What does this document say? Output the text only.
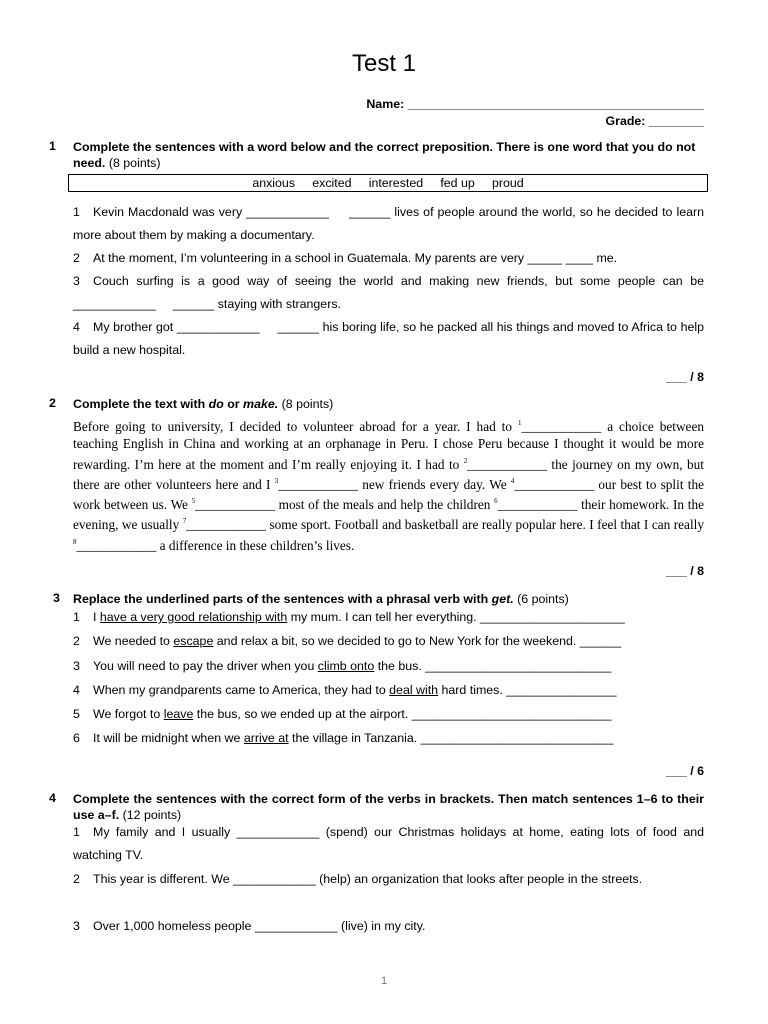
Test 1
Name: ___________________________________________
Grade: ________
1 Complete the sentences with a word below and the correct preposition. There is one word that you do not need. (8 points)
anxious     excited     interested     fed up     proud
1 Kevin Macdonald was very ____________     ______ lives of people around the world, so he decided to learn more about them by making a documentary.
2 At the moment, I’m volunteering in a school in Guatemala. My parents are very _____ ____ me.
3 Couch surfing is a good way of seeing the world and making new friends, but some people can be ____________     ______ staying with strangers.
4 My brother got ____________     ______ his boring life, so he packed all his things and moved to Africa to help build a new hospital.
___ / 8
2 Complete the text with do or make. (8 points)
Before going to university, I decided to volunteer abroad for a year. I had to $^1$____________ a choice between teaching English in China and working at an orphanage in Peru. I chose Peru because I thought it would be more rewarding. I’m here at the moment and I’m really enjoying it. I had to $^2$____________ the journey on my own, but there are other volunteers here and I $^3$____________ new friends every day. We $^4$____________ our best to split the work between us. We $^5$____________ most of the meals and help the children $^6$____________ their homework. In the evening, we usually $^7$____________ some sport. Football and basketball are really popular here. I feel that I can really $^8$____________ a difference in these children’s lives.
___ / 8
3 Replace the underlined parts of the sentences with a phrasal verb with get. (6 points)
1 I have a very good relationship with my mum. I can tell her everything. _____________________
2 We needed to escape and relax a bit, so we decided to go to New York for the weekend. ______
3 You will need to pay the driver when you climb onto the bus. ___________________________
4 When my grandparents came to America, they had to deal with hard times. ________________
5 We forgot to leave the bus, so we ended up at the airport. _____________________________
6 It will be midnight when we arrive at the village in Tanzania. ____________________________
___ / 6
4 Complete the sentences with the correct form of the verbs in brackets. Then match sentences 1–6 to their use a–f. (12 points)
1 My family and I usually ____________ (spend) our Christmas holidays at home, eating lots of food and watching TV.
2 This year is different. We ____________ (help) an organization that looks after people in the streets.
3 Over 1,000 homeless people ____________ (live) in my city.
1
